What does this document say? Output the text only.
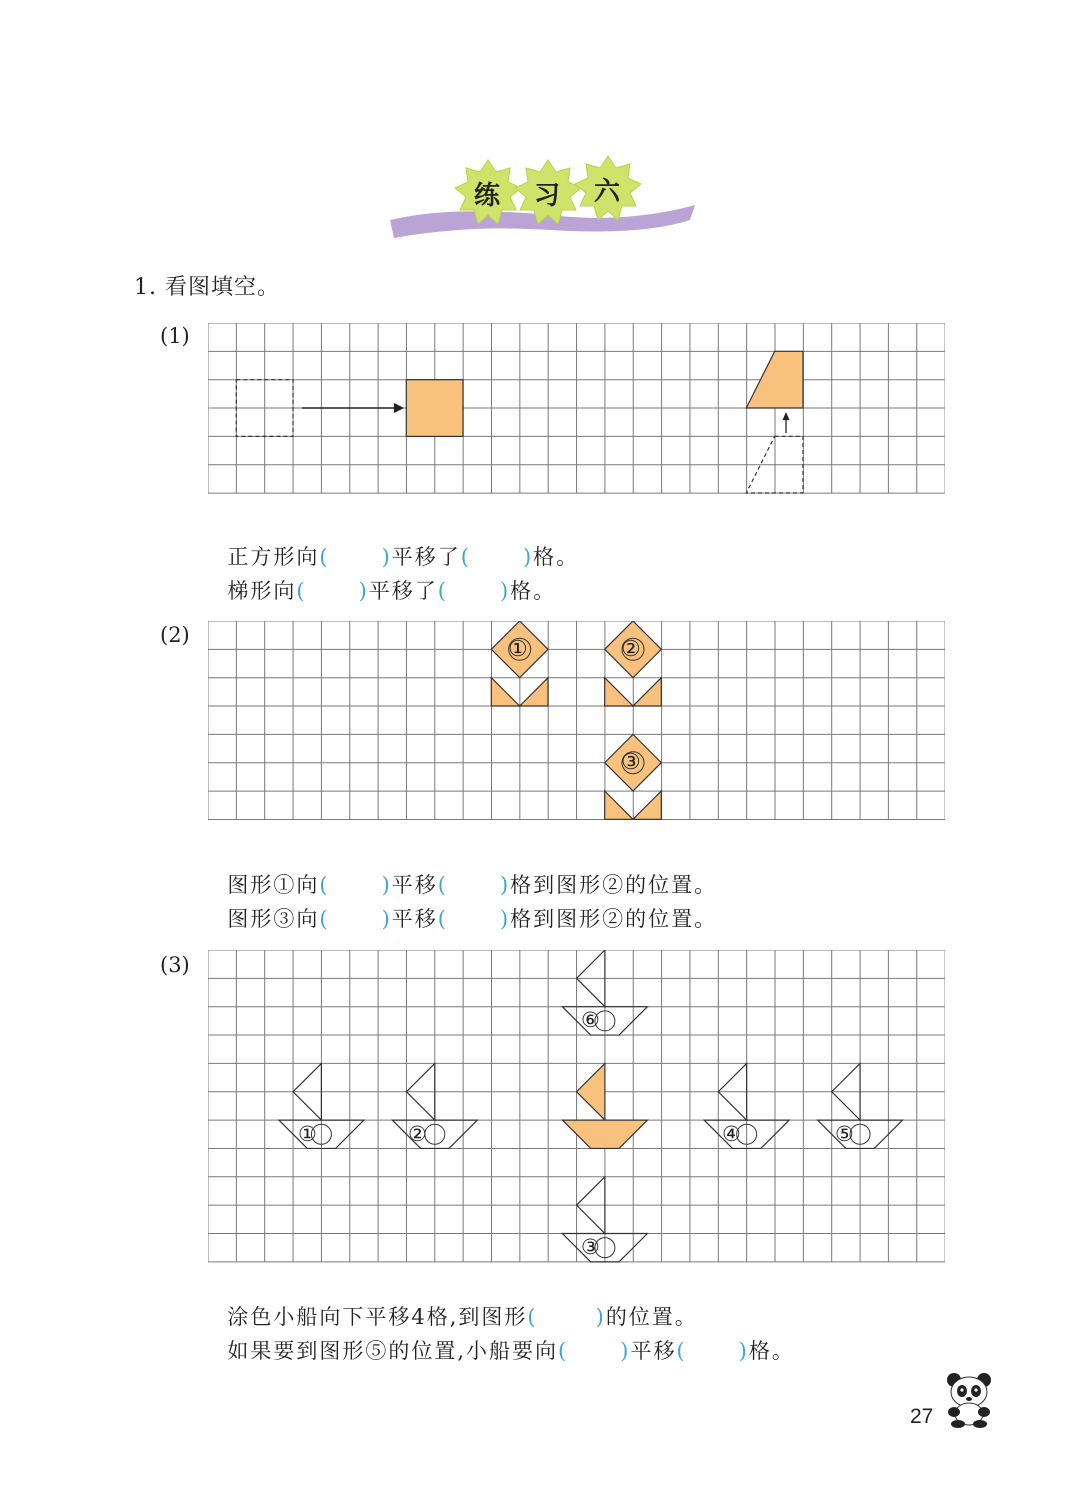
练 习 六
1. 看图填空。
(1)

正方形向( )平移了( )格。

梯形向( )平移了( )格。

(2)
①	②
③

图形①向( )平移( )格到图形②的位置。

图形③向( )平移( )格到图形②的位置。

(3)
①	②	④	⑤
⑥
③

涂色小船向下平移4格,到图形(	)的位置。

如果要到图形⑤的位置,小船要向( )平移( )格。

27
